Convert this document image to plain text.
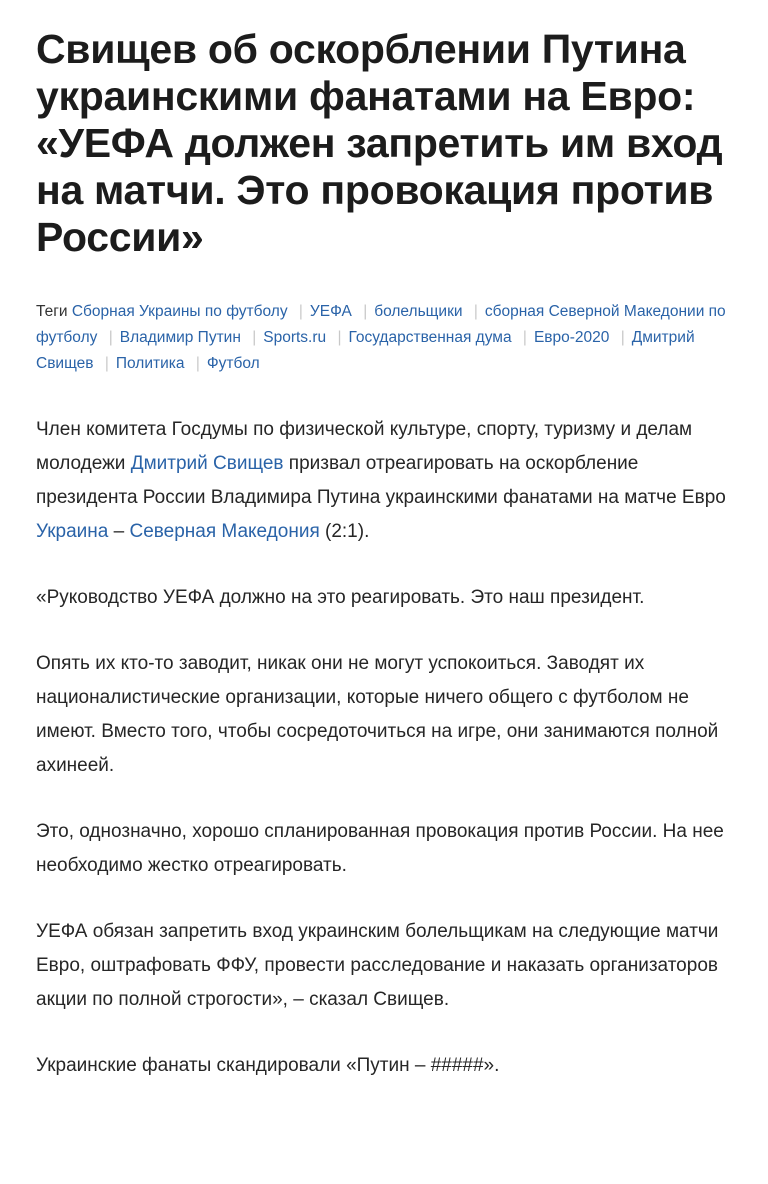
Свищев об оскорблении Путина украинскими фанатами на Евро: «УЕФА должен запретить им вход на матчи. Это провокация против России»
Теги Сборная Украины по футболу | УЕФА | болельщики | сборная Северной Македонии по футболу | Владимир Путин | Sports.ru | Государственная дума | Евро-2020 | Дмитрий Свищев | Политика | Футбол

Член комитета Госдумы по физической культуре, спорту, туризму и делам молодежи Дмитрий Свищев призвал отреагировать на оскорбление президента России Владимира Путина украинскими фанатами на матче Евро Украина – Северная Македония (2:1).

«Руководство УЕФА должно на это реагировать. Это наш президент.

Опять их кто-то заводит, никак они не могут успокоиться. Заводят их националистические организации, которые ничего общего с футболом не имеют. Вместо того, чтобы сосредоточиться на игре, они занимаются полной ахинеей.

Это, однозначно, хорошо спланированная провокация против России. На нее необходимо жестко отреагировать.

УЕФА обязан запретить вход украинским болельщикам на следующие матчи Евро, оштрафовать ФФУ, провести расследование и наказать организаторов акции по полной строгости», – сказал Свищев.

Украинские фанаты скандировали «Путин – #####».
